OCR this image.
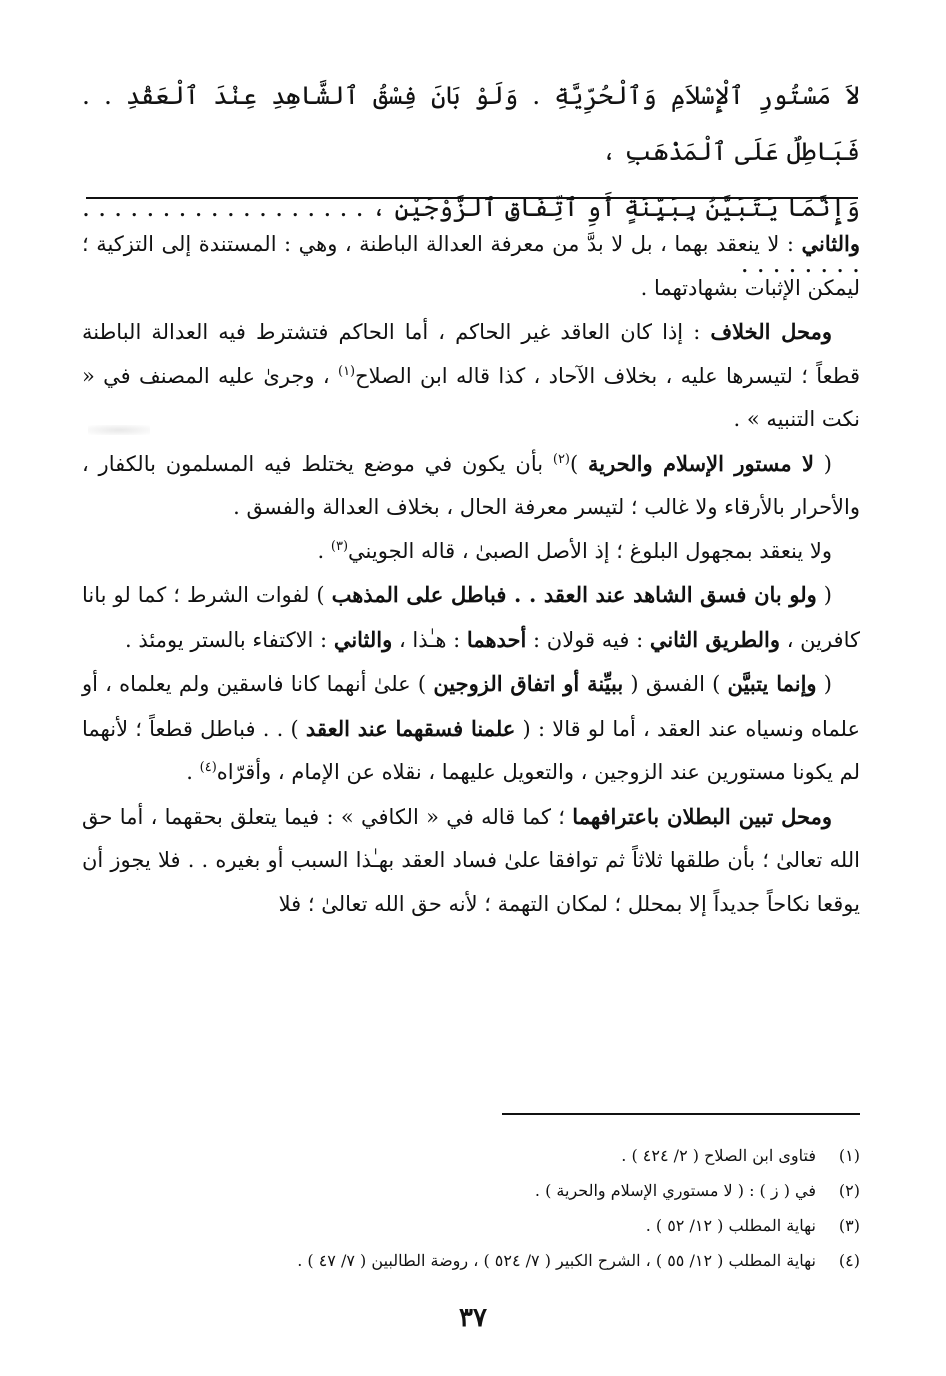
لاَ مَسْتُورِ ٱلْإِسْلاَمِ وَٱلْحُرِّيَّةِ . وَلَوْ بَانَ فِسْقُ ٱلشَّاهِدِ عِنْدَ ٱلْعَقْدِ . . فَبَاطِلٌ عَلَى ٱلْمَذْهَبِ ،

وَإِنَّمَا يَتَبَيَّنُ بِبَيِّنَةٍ أَوِ ٱتِّفَاقِ ٱلزَّوْجَيْنِ ، . . . . . . . . . . . . . . . . . . . . . . . . . .

والثاني : لا ينعقد بهما ، بل لا بدَّ من معرفة العدالة الباطنة ، وهي : المستندة إلى التزكية ؛ ليمكن الإثبات بشهادتهما .

ومحل الخلاف : إذا كان العاقد غير الحاكم ، أما الحاكم فتشترط فيه العدالة الباطنة قطعاً ؛ لتيسرها عليه ، بخلاف الآحاد ، كذا قاله ابن الصلاح$^{(١)}$ ، وجرىٰ عليه المصنف في « نكت التنبيه » .

( لا مستور الإسلام والحرية )$^{(٢)}$ بأن يكون في موضع يختلط فيه المسلمون بالكفار ، والأحرار بالأرقاء ولا غالب ؛ لتيسر معرفة الحال ، بخلاف العدالة والفسق .

ولا ينعقد بمجهول البلوغ ؛ إذ الأصل الصبىٰ ، قاله الجويني$^{(٣)}$ .

( ولو بان فسق الشاهد عند العقد . . فباطل على المذهب ) لفوات الشرط ؛ كما لو بانا كافرين ، والطريق الثاني : فيه قولان : أحدهما : هـٰذا ، والثاني : الاكتفاء بالستر يومئذ .

( وإنما يتبيَّن ) الفسق ( ببيِّنة أو اتفاق الزوجين ) علىٰ أنهما كانا فاسقين ولم يعلماه ، أو علماه ونسياه عند العقد ، أما لو قالا : ( علمنا فسقهما عند العقد ) . . فباطل قطعاً ؛ لأنهما لم يكونا مستورين عند الزوجين ، والتعويل عليهما ، نقلاه عن الإمام ، وأقرّاه$^{(٤)}$ .

ومحل تبين البطلان باعترافهما ؛ كما قاله في « الكافي » : فيما يتعلق بحقهما ، أما حق الله تعالىٰ ؛ بأن طلقها ثلاثاً ثم توافقا علىٰ فساد العقد بهـٰذا السبب أو بغيره . . فلا يجوز أن يوقعا نكاحاً جديداً إلا بمحلل ؛ لمكان التهمة ؛ لأنه حق الله تعالىٰ ؛ فلا

(١)
فتاوى ابن الصلاح ( ٢/ ٤٢٤ ) .
(٢)
في ( ز ) : ( لا مستوري الإسلام والحرية ) .
(٣)
نهاية المطلب ( ١٢/ ٥٢ ) .
(٤)
نهاية المطلب ( ١٢/ ٥٥ ) ، الشرح الكبير ( ٧/ ٥٢٤ ) ، روضة الطالبين ( ٧/ ٤٧ ) .
٣٧
